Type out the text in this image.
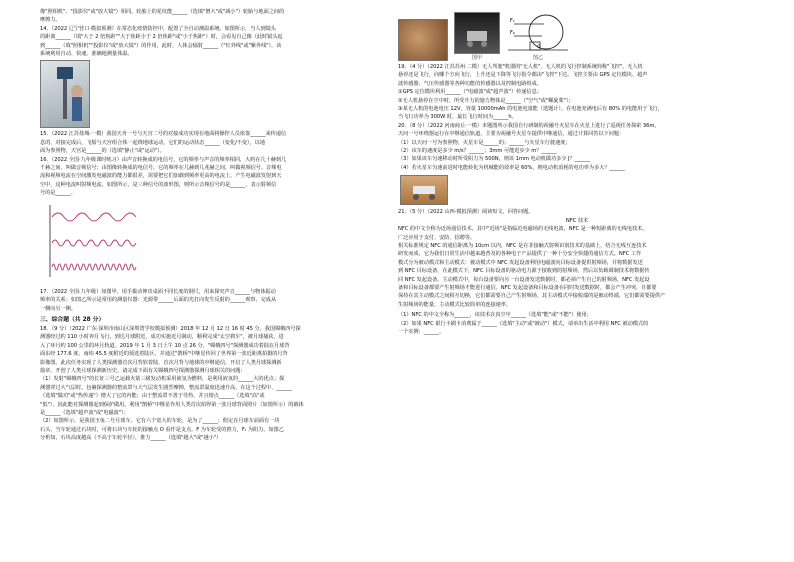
像"照相机"、"投影仪"或"放大镜"）相同。轮胎上的花纹能______（选填"增大"或"减小"）轮胎与地面之间的
摩擦力。
14．（2022 辽宁营口·模拟预测）在常态化疫情防控中，配置了全自动测温系统。如图所示，当人到镜头
的距离______（填"大于 2 倍焦距""大于焦距小于 2 倍焦距"或"小于焦距"）时，会看见自己像（此时镜头起
到______（填"照相机""投影仪"或"放大镜"）的作用，此时，人体会辐射______（"红外线"或"紫外线"），该
系统利用自动、快速、准确地测量体温。
15．（2022 江苏盐城·一模）我国天舟一号与天宫二号的对接成功实现在地面将操控人员依靠______来传递信
息的，对接完成后，飞船与天宫组合体一起绕地球运动，它们的运动状态______（变化/不变），以地
面为参照物，天宫是______的（选填"静止"或"运动"）。
16．（2022 全国·九年级课时练习）由声音转换成的电信号，它的频率与声音的频率相同，大约在几十赫到几
千赫之间，叫做音频信号；由图像转换成的电信号，它的频率在几赫到几兆赫之间，叫做视频信号。音频电
流和视频电流在空间激发电磁波的能力都很差，需要把它们加载到频率更高的电流上，产生电磁波发射到天
空中，这种电流叫射频电流。如图所示，是三种信号的波形图，则所示音频信号的是______，表示射频信
号的是______。
17．（2022 全国·九年级）如图甲，用手拨动伸出桌面不同长度的钢尺，用来探究声音______与物体振动
频率的关系；如图乙所示是常用的测量仪器：光源带______后面的光打向发生反射的______观察，完成从
一侧向另一侧。
三、综合题（共 28 分）
18．（9 分）（2022 广东·深圳市南山区深圳湾学校模拟预测）2018 年 12 月 12 日 16 时 45 分，我国嫦娥四号探
测器经过约 110 小时奔月飞行，到达月球附近，成功实施近月制动，顺利完成"太空刹车"，被月球捕获，进
入了环月约 100 公里的环月轨道。2019 年 1 月 3 日上午 10 点 26 分，"嫦娥四号"探测器成功着陆在月球背
面东经 177.6 度、南纬 45.5 度附近的预选着陆区，并通过"鹊桥"中继星传回了世界第一张近距离拍摄的月背
影像图。此次任务实现了人类探测器首次月背软着陆、首次月背与地球的中继通信，开启了人类月球探测新
篇章，开创了人类月球探测新历史。请完成下面有关嫦娥四号探测器探测月球相关的问题：
（1）发射"嫦娥四号"的长征三号乙运载火箭三级发动机采用液氢为燃料，是利用液氢的______大的优点；探
测器穿过大气层时，包裹探测器的整流罩与大气层发生剧烈摩擦，整流罩温度迅速升高，在这个过程中，______
（选填"做功"或"热传递"）增大了它的内能；由于整流罩不善于导热，并且熔点______（选填"高"或
"低"），因此能对探测器起到保护做用。利用"鹊桥"中继星作用人类首次拍得第一张月球背面照片（如图所示）的载体
是______（选填"超声波"或"电磁波"）；
（2）如图所示，是我国玉兔二号月球车。它有六个宽大的车轮，是为了______；假定在月球车前面有一块
石头，当车轮通过石块时，可将石块与车轮的接触点 O 看作是支点，F 为车轮受的推力，Fₜ 为阻力，如图乙
分析知，石块高度越高（不高于车轮半径），推力______（选填"越大"或"越小"）
图甲
F₁
F₂
O
图乙
19．（4 分）（2022 江苏苏州·二模）无人驾驶"机器的"无人机"，无人机的飞行控制系统简称"飞控"。无人机
悬停还是飞行，向哪个方向飞行，上升还是下降等飞行指令都由"飞控"下达。飞控主要由 GPS 定位模块、超声
波传感器、气压传感器等各种功能的传感器以及控制电路组成。
①GPS 定位模块利用______（"电磁波"或"超声波"）传递信息；
②无人机悬停在空中时，所受升力的施力物体是______（"空气"或"螺旋桨"）；
③某无人机的电池电压 12V，容量 10000mAh 的电池电量能（选题计）。在电池充满电后有 80% 的电能用于飞行，
当飞行功率为 300W 时，最长飞行时间为______h。
20．（8 分）（2022 河南商丘·一模）本题图所示我国自行研制的祝融号火星车在火星上进行了巡视任务探索 36m。
天问一号环绕器运行在中继通信轨道，主要为祝融号火星车提供中继通信。通过计算回答以下问题：
（1）以天问一号为参照物，火星车是______的；______与火星车行驶速度；
（2）该车的速度是多少 m/s？______；3mm 可能进步少 m？______
（3）如果该车匀速移动时所受阻力为 500N，则该 1mm 电动机做功多少 J？______
（4）若火星车匀速前进时电能转化为机械能的效率是 60%，则电动机消耗的电功率为多大？______
21．（5 分）（2022 山西·模拟预测）阅读短文，回答问题。
NFC 技术
NFC 的中文全称为近场通信技术，其中"近场"是指临近电磁场的无线电波，NFC 是一种短距离的无线电技术，
广泛应用于支付、安防、招聘等。
相关标准规定 NFC 的通信距离为 10cm 以内，NFC 是在非接触式射频识别技术的基础上，结合无线互连技术
研发而成，它为我们日常生活中越来越普及的各种电子产品提供了一种十分安全快捷的通信方式。NFC 工作
模式分为被动模式和主动模式：被动模式中 NFC 发起设备利用电磁波向目标设备提供射频场，并将数据发送
到 NFC 目标设备，在此模式下，NFC 目标设备的驱动电力源于接收到的射频场，然后以负载调制技术将数据传
回 NFC 发起设备。主动模式中，每台设备要向另一台设备发送数据时，都必须产生自己的射频场，NFC 发起设
备和目标设备都要产生射频场才能进行通信。NFC 发起设备和目标设备在同时发送数据时，都会产生冲突，且都要
保持在其主动模式之间相互切换，它们都需要自己产生射频场，其主动模式中接收端的是被动终端，它们都需要提供产
生射频场的能量，主动模式比较简单的连接速率。
（1）NFC 的中文全称为______，该技术在真空中______（选填"能"或"不能"）使用；
（2）如果 NFC 银行卡刷卡消费属于______（选填"主动"或"被动"）模式，请举出生活中利用 NFC 被动模式的
一个实例：______。
